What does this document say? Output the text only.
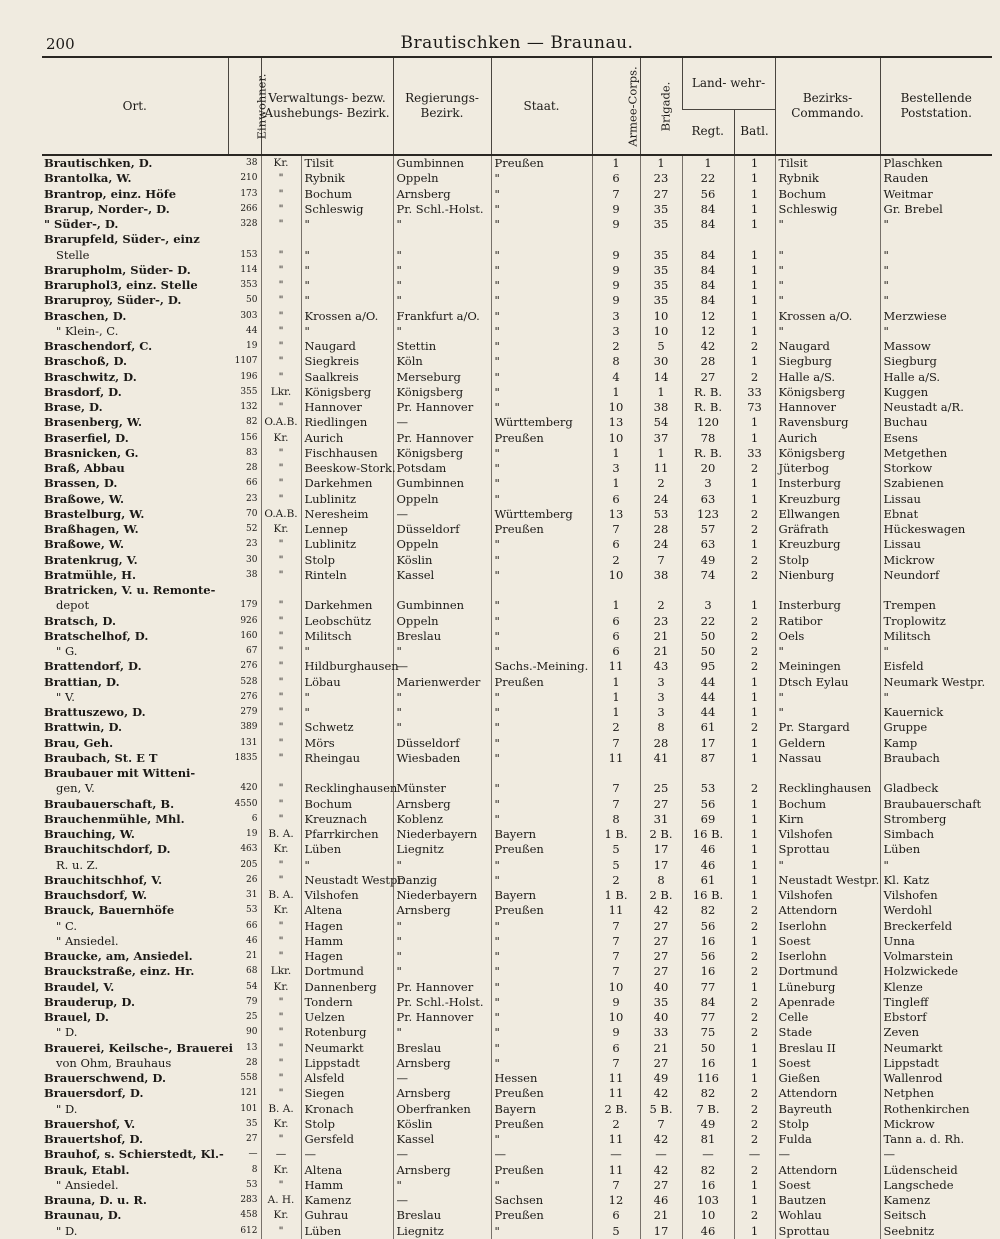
200	Brautischken — Braunau.
Ort.	Einwohner.	Verwaltungs- bezw. Aushebungs- Bezirk.		Regierungs- Bezirk.	Staat.	Armee-Corps.	Brigade.	Land- wehr-		Bezirks- Commando.	Bestellende Poststation.
								Regt.	Batl.		
Brautischken, D.	38	Kr.	Tilsit	Gumbinnen	Preußen	1	1	1	1	Tilsit	Plaschken
Brantolka, W.	210	"	Rybnik	Oppeln	"	6	23	22	1	Rybnik	Rauden
Brantrop, einz. Höfe	173	"	Bochum	Arnsberg	"	7	27	56	1	Bochum	Weitmar
Brarup, Norder-, D.	266	"	Schleswig	Pr. Schl.-Holst.	"	9	35	84	1	Schleswig	Gr. Brebel
" Süder-, D.	328	"	"	"	"	9	35	84	1	"	"
Brarupfeld, Süder-, einz											
Stelle	153	"	"	"	"	9	35	84	1	"	"
Brarupholm, Süder- D.	114	"	"	"	"	9	35	84	1	"	"
Braruphol3, einz. Stelle	353	"	"	"	"	9	35	84	1	"	"
Braruproy, Süder-, D.	50	"	"	"	"	9	35	84	1	"	"
Braschen, D.	303	"	Krossen a/O.	Frankfurt a/O.	"	3	10	12	1	Krossen a/O.	Merzwiese
" Klein-, C.	44	"	"	"	"	3	10	12	1	"	"
Braschendorf, C.	19	"	Naugard	Stettin	"	2	5	42	2	Naugard	Massow
Braschoß, D.	1107	"	Siegkreis	Köln	"	8	30	28	1	Siegburg	Siegburg
Braschwitz, D.	196	"	Saalkreis	Merseburg	"	4	14	27	2	Halle a/S.	Halle a/S.
Brasdorf, D.	355	Lkr.	Königsberg	Königsberg	"	1	1	R. B.	33	Königsberg	Kuggen
Brase, D.	132	"	Hannover	Pr. Hannover	"	10	38	R. B.	73	Hannover	Neustadt a/R.
Brasenberg, W.	82	O.A.B.	Riedlingen	—	Württemberg	13	54	120	1	Ravensburg	Buchau
Braserfiel, D.	156	Kr.	Aurich	Pr. Hannover	Preußen	10	37	78	1	Aurich	Esens
Brasnicken, G.	83	"	Fischhausen	Königsberg	"	1	1	R. B.	33	Königsberg	Metgethen
Braß, Abbau	28	"	Beeskow-Stork.	Potsdam	"	3	11	20	2	Jüterbog	Storkow
Brassen, D.	66	"	Darkehmen	Gumbinnen	"	1	2	3	1	Insterburg	Szabienen
Braßowe, W.	23	"	Lublinitz	Oppeln	"	6	24	63	1	Kreuzburg	Lissau
Brastelburg, W.	70	O.A.B.	Neresheim	—	Württemberg	13	53	123	2	Ellwangen	Ebnat
Braßhagen, W.	52	Kr.	Lennep	Düsseldorf	Preußen	7	28	57	2	Gräfrath	Hückeswagen
Braßowe, W.	23	"	Lublinitz	Oppeln	"	6	24	63	1	Kreuzburg	Lissau
Bratenkrug, V.	30	"	Stolp	Köslin	"	2	7	49	2	Stolp	Mickrow
Bratmühle, H.	38	"	Rinteln	Kassel	"	10	38	74	2	Nienburg	Neundorf
Bratricken, V. u. Remonte-											
depot	179	"	Darkehmen	Gumbinnen	"	1	2	3	1	Insterburg	Trempen
Bratsch, D.	926	"	Leobschütz	Oppeln	"	6	23	22	2	Ratibor	Troplowitz
Bratschelhof, D.	160	"	Militsch	Breslau	"	6	21	50	2	Oels	Militsch
" G.	67	"	"	"	"	6	21	50	2	"	"
Brattendorf, D.	276	"	Hildburghausen	—	Sachs.-Meining.	11	43	95	2	Meiningen	Eisfeld
Brattian, D.	528	"	Löbau	Marienwerder	Preußen	1	3	44	1	Dtsch Eylau	Neumark Westpr.
" V.	276	"	"	"	"	1	3	44	1	"	"
Brattuszewo, D.	279	"	"	"	"	1	3	44	1	"	Kauernick
Brattwin, D.	389	"	Schwetz	"	"	2	8	61	2	Pr. Stargard	Gruppe
Brau, Geh.	131	"	Mörs	Düsseldorf	"	7	28	17	1	Geldern	Kamp
Braubach, St. E T	1835	"	Rheingau	Wiesbaden	"	11	41	87	1	Nassau	Braubach
Braubauer mit Witteni-											
gen, V.	420	"	Recklinghausen	Münster	"	7	25	53	2	Recklinghausen	Gladbeck
Braubauerschaft, B.	4550	"	Bochum	Arnsberg	"	7	27	56	1	Bochum	Braubauerschaft
Brauchenmühle, Mhl.	6	"	Kreuznach	Koblenz	"	8	31	69	1	Kirn	Stromberg
Brauching, W.	19	B. A.	Pfarrkirchen	Niederbayern	Bayern	1 B.	2 B.	16 B.	1	Vilshofen	Simbach
Brauchitschdorf, D.	463	Kr.	Lüben	Liegnitz	Preußen	5	17	46	1	Sprottau	Lüben
R. u. Z.	205	"	"	"	"	5	17	46	1	"	"
Brauchitschhof, V.	26	"	Neustadt Westpr.	Danzig	"	2	8	61	1	Neustadt Westpr.	Kl. Katz
Brauchsdorf, W.	31	B. A.	Vilshofen	Niederbayern	Bayern	1 B.	2 B.	16 B.	1	Vilshofen	Vilshofen
Brauck, Bauernhöfe	53	Kr.	Altena	Arnsberg	Preußen	11	42	82	2	Attendorn	Werdohl
" C.	66	"	Hagen	"	"	7	27	56	2	Iserlohn	Breckerfeld
" Ansiedel.	46	"	Hamm	"	"	7	27	16	1	Soest	Unna
Braucke, am, Ansiedel.	21	"	Hagen	"	"	7	27	56	2	Iserlohn	Volmarstein
Brauckstraße, einz. Hr.	68	Lkr.	Dortmund	"	"	7	27	16	2	Dortmund	Holzwickede
Braudel, V.	54	Kr.	Dannenberg	Pr. Hannover	"	10	40	77	1	Lüneburg	Klenze
Brauderup, D.	79	"	Tondern	Pr. Schl.-Holst.	"	9	35	84	2	Apenrade	Tingleff
Brauel, D.	25	"	Uelzen	Pr. Hannover	"	10	40	77	2	Celle	Ebstorf
" D.	90	"	Rotenburg	"	"	9	33	75	2	Stade	Zeven
Brauerei, Keilsche-, Brauerei	13	"	Neumarkt	Breslau	"	6	21	50	1	Breslau II	Neumarkt
von Ohm, Brauhaus	28	"	Lippstadt	Arnsberg	"	7	27	16	1	Soest	Lippstadt
Brauerschwend, D.	558	"	Alsfeld	—	Hessen	11	49	116	1	Gießen	Wallenrod
Brauersdorf, D.	121	"	Siegen	Arnsberg	Preußen	11	42	82	2	Attendorn	Netphen
" D.	101	B. A.	Kronach	Oberfranken	Bayern	2 B.	5 B.	7 B.	2	Bayreuth	Rothenkirchen
Brauershof, V.	35	Kr.	Stolp	Köslin	Preußen	2	7	49	2	Stolp	Mickrow
Brauertshof, D.	27	"	Gersfeld	Kassel	"	11	42	81	2	Fulda	Tann a. d. Rh.
Brauhof, s. Schierstedt, Kl.-	—	—	—	—	—	—	—	—	—	—	—
Brauk, Etabl.	8	Kr.	Altena	Arnsberg	Preußen	11	42	82	2	Attendorn	Lüdenscheid
" Ansiedel.	53	"	Hamm	"	"	7	27	16	1	Soest	Langschede
Brauna, D. u. R.	283	A. H.	Kamenz	—	Sachsen	12	46	103	1	Bautzen	Kamenz
Braunau, D.	458	Kr.	Guhrau	Breslau	Preußen	6	21	10	2	Wohlau	Seitsch
" D.	612	"	Lüben	Liegnitz	"	5	17	46	1	Sprottau	Seebnitz
